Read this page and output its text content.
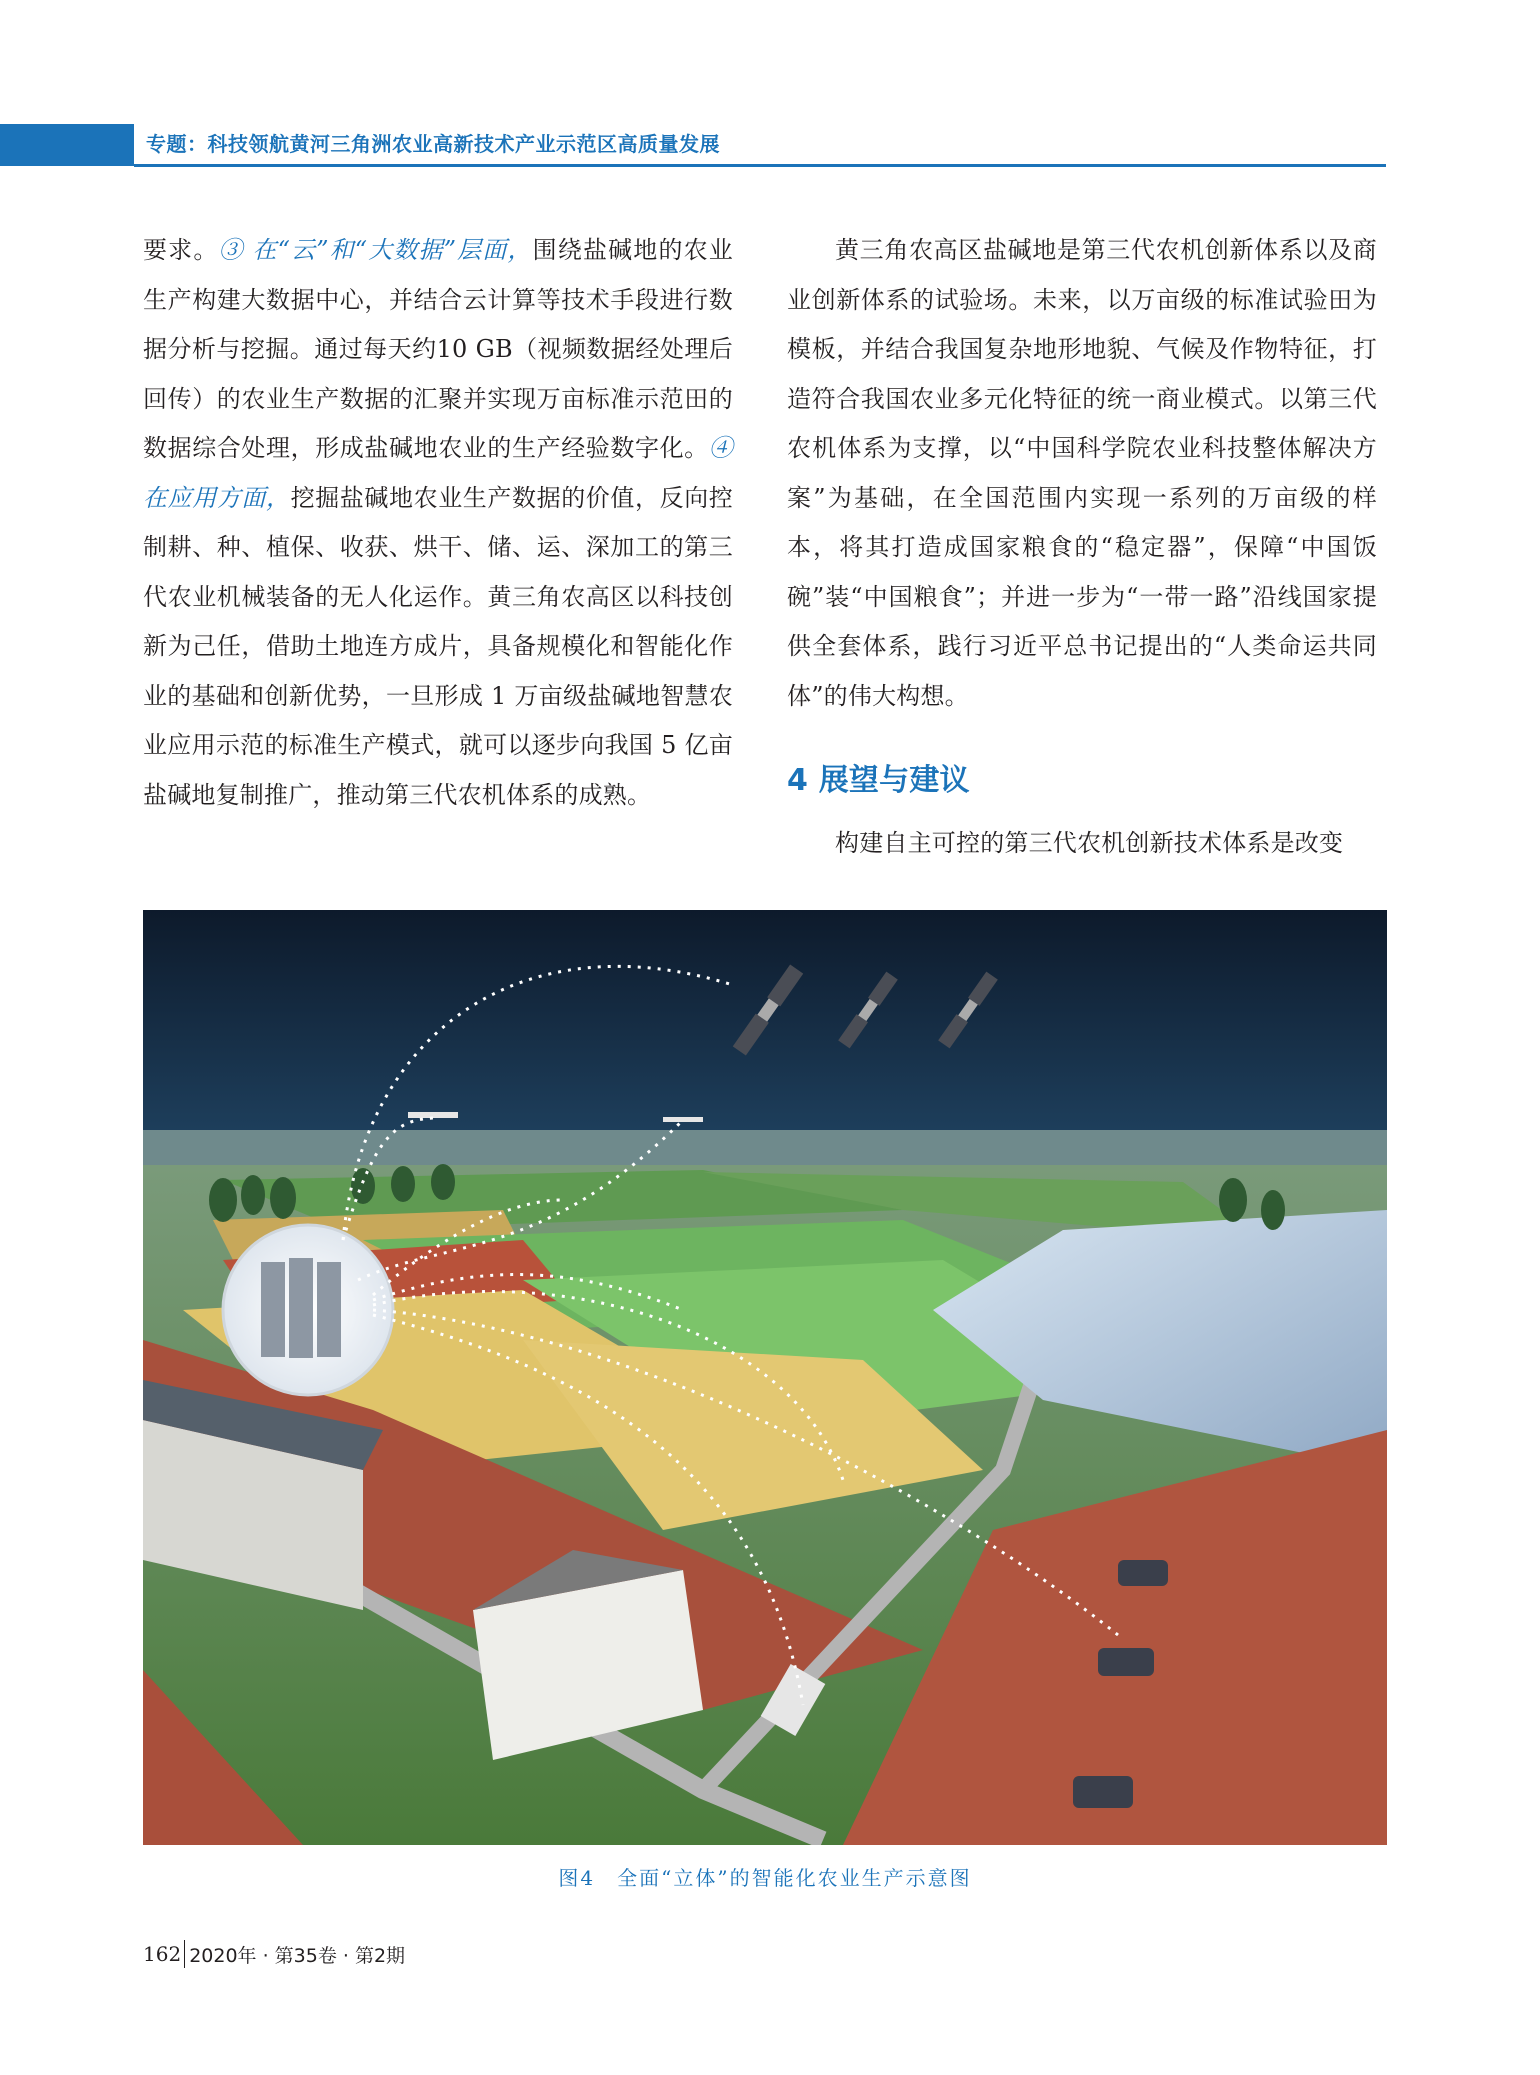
专题：科技领航黄河三角洲农业高新技术产业示范区高质量发展

要求。③ 在“云”和“大数据”层面，围绕盐碱地的农业生产构建大数据中心，并结合云计算等技术手段进行数据分析与挖掘。通过每天约10 GB（视频数据经处理后回传）的农业生产数据的汇聚并实现万亩标准示范田的数据综合处理，形成盐碱地农业的生产经验数字化。④ 在应用方面，挖掘盐碱地农业生产数据的价值，反向控制耕、种、植保、收获、烘干、储、运、深加工的第三代农业机械装备的无人化运作。黄三角农高区以科技创新为己任，借助土地连方成片，具备规模化和智能化作业的基础和创新优势，一旦形成 1 万亩级盐碱地智慧农业应用示范的标准生产模式，就可以逐步向我国 5 亿亩盐碱地复制推广，推动第三代农机体系的成熟。

黄三角农高区盐碱地是第三代农机创新体系以及商业创新体系的试验场。未来，以万亩级的标准试验田为模板，并结合我国复杂地形地貌、气候及作物特征，打造符合我国农业多元化特征的统一商业模式。以第三代农机体系为支撑，以“中国科学院农业科技整体解决方案”为基础，在全国范围内实现一系列的万亩级的样本，将其打造成国家粮食的“稳定器”，保障“中国饭碗”装“中国粮食”；并进一步为“一带一路”沿线国家提供全套体系，践行习近平总书记提出的“人类命运共同体”的伟大构想。

4 展望与建议

构建自主可控的第三代农机创新技术体系是改变

图4　全面“立体”的智能化农业生产示意图
162 2020年 · 第35卷 · 第2期
